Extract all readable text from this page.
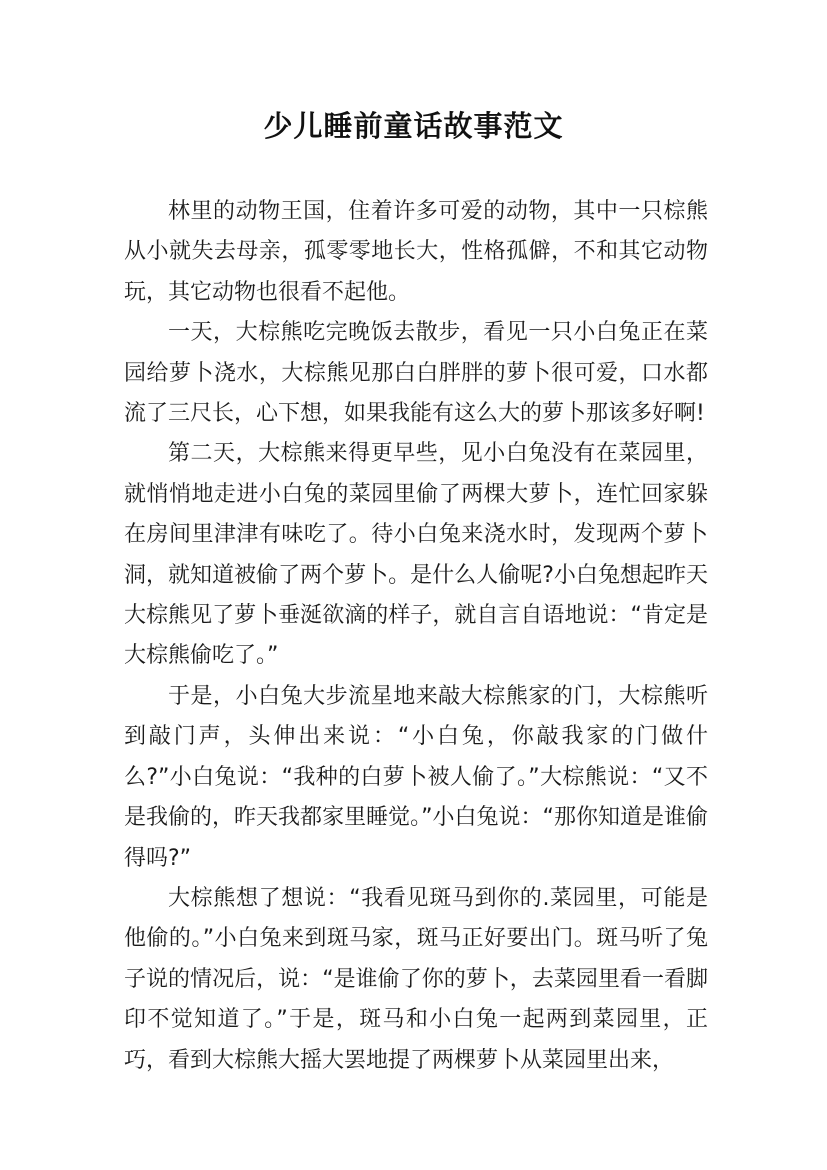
少儿睡前童话故事范文

林里的动物王国，住着许多可爱的动物，其中一只棕熊从小就失去母亲，孤零零地长大，性格孤僻，不和其它动物玩，其它动物也很看不起他。

一天，大棕熊吃完晚饭去散步，看见一只小白兔正在菜园给萝卜浇水，大棕熊见那白白胖胖的萝卜很可爱，口水都流了三尺长，心下想，如果我能有这么大的萝卜那该多好啊!

第二天，大棕熊来得更早些，见小白兔没有在菜园里，就悄悄地走进小白兔的菜园里偷了两棵大萝卜，连忙回家躲在房间里津津有味吃了。待小白兔来浇水时，发现两个萝卜洞，就知道被偷了两个萝卜。是什么人偷呢?小白兔想起昨天大棕熊见了萝卜垂涎欲滴的样子，就自言自语地说：“肯定是大棕熊偷吃了。”

于是，小白兔大步流星地来敲大棕熊家的门，大棕熊听到敲门声，头伸出来说：“小白兔，你敲我家的门做什么?”小白兔说：“我种的白萝卜被人偷了。”大棕熊说：“又不是我偷的，昨天我都家里睡觉。”小白兔说：“那你知道是谁偷得吗?”

大棕熊想了想说：“我看见斑马到你的.菜园里，可能是他偷的。”小白兔来到斑马家，斑马正好要出门。斑马听了兔子说的情况后，说：“是谁偷了你的萝卜，去菜园里看一看脚印不觉知道了。”于是，斑马和小白兔一起两到菜园里，正巧，看到大棕熊大摇大罢地提了两棵萝卜从菜园里出来，
